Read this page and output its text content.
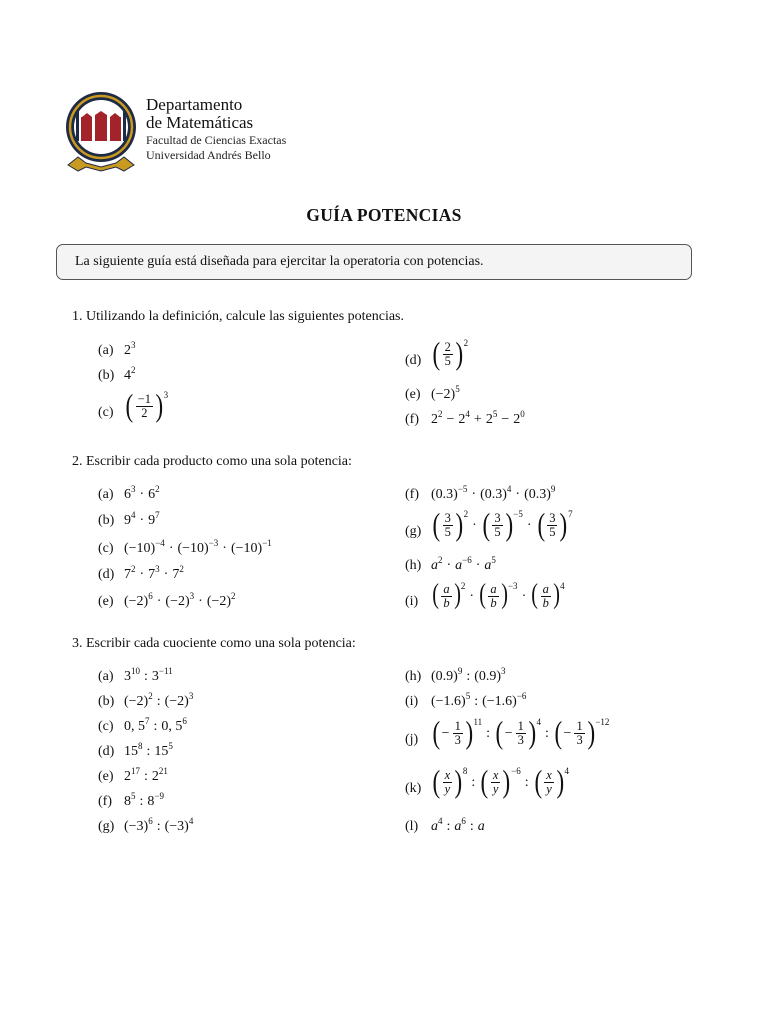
Departamento
de Matemáticas
Facultad de Ciencias Exactas
Universidad Andrés Bello
GUÍA POTENCIAS
La siguiente guía está diseñada para ejercitar la operatoria con potencias.
1. Utilizando la definición, calcule las siguientes potencias.
(a) $2^3$
(b) $4^2$
(c) ( $\frac{-1}{2}$ ) 3
(d) ( $\frac{2}{5}$ ) 2
(e) $(-2)^5$
(f) $2^2 - 2^4 + 2^5 - 2^0$
2. Escribir cada producto como una sola potencia:
(a) $6^3 \cdot 6^2$
(b) $9^4 \cdot 9^7$
(c) $(-10)^{-4} \cdot (-10)^{-3} \cdot (-10)^{-1}$
(d) $7^2 \cdot 7^3 \cdot 7^2$
(e) $(-2)^6 \cdot (-2)^3 \cdot (-2)^2$
(f) $(0.3)^{-5} \cdot (0.3)^4 \cdot (0.3)^9$
(g) ( $\frac{3}{5}$ ) 2
· ( $\frac{3}{5}$ ) −5
· ( $\frac{3}{5}$ ) 7
(h) $a^2 \cdot a^{-6} \cdot a^5$
(i) ( $\frac{a}{b}$ ) 2
· ( $\frac{a}{b}$ ) −3
· ( $\frac{a}{b}$ ) 4
3. Escribir cada cuociente como una sola potencia:
(a) $3^{10}$ : $3^{-11}$
(b) $(-2)^2$ : $(-2)^3$
(c) 0, $5^7$ : 0, $5^6$
(d) $15^8$ : $15^5$
(e) $2^{17}$ : $2^{21}$
(f) $8^5$ : $8^{-9}$
(g) $(-3)^6$ : $(-3)^4$
(h) $(0.9)^9$ : $(0.9)^3$
(i) $(-1.6)^5$ : $(-1.6)^{-6}$
(j) ( − $\frac{1}{3}$ ) 11
: ( − $\frac{1}{3}$ ) 4
: ( − $\frac{1}{3}$ ) −12
(k) ( $\frac{x}{y}$ ) 8
: ( $\frac{x}{y}$ ) −6
: ( $\frac{x}{y}$ ) 4
(l) $a^4$ : $a^6$ : a
